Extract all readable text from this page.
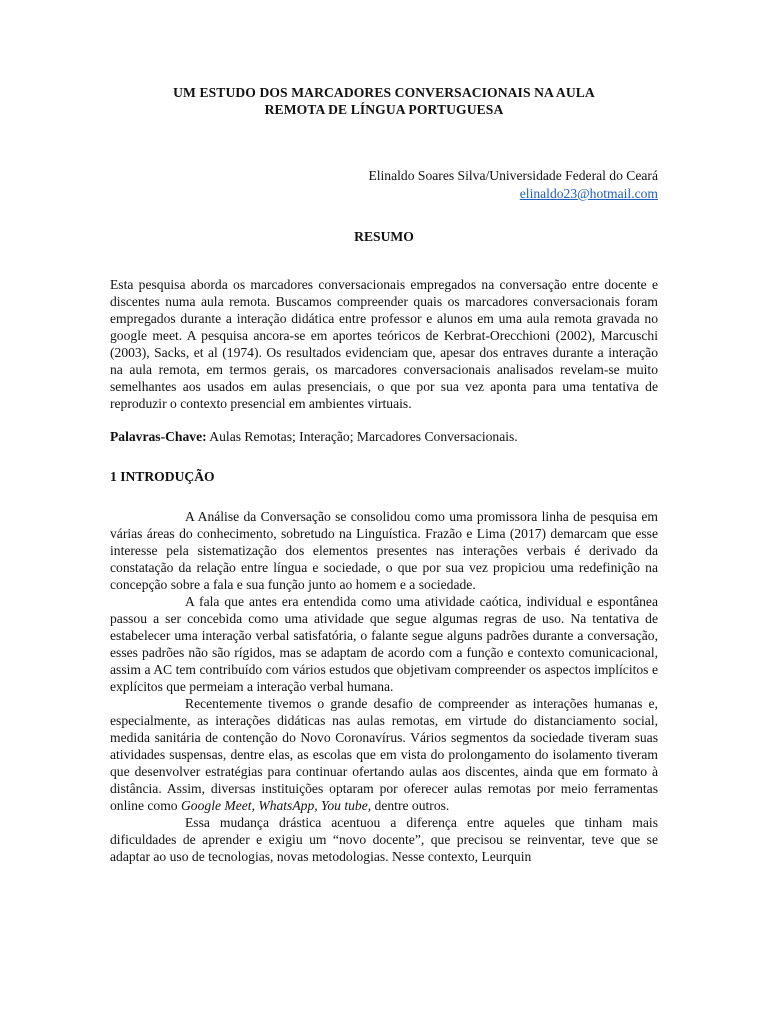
UM ESTUDO DOS MARCADORES CONVERSACIONAIS NA AULA
REMOTA DE LÍNGUA PORTUGUESA
Elinaldo Soares Silva/Universidade Federal do Ceará
elinaldo23@hotmail.com
RESUMO
Esta pesquisa aborda os marcadores conversacionais empregados na conversação entre docente e discentes numa aula remota. Buscamos compreender quais os marcadores conversacionais foram empregados durante a interação didática entre professor e alunos em uma aula remota gravada no google meet. A pesquisa ancora-se em aportes teóricos de Kerbrat-Orecchioni (2002), Marcuschi (2003), Sacks, et al (1974). Os resultados evidenciam que, apesar dos entraves durante a interação na aula remota, em termos gerais, os marcadores conversacionais analisados revelam-se muito semelhantes aos usados em aulas presenciais, o que por sua vez aponta para uma tentativa de reproduzir o contexto presencial em ambientes virtuais.
Palavras-Chave: Aulas Remotas; Interação; Marcadores Conversacionais.
1 INTRODUÇÃO

A Análise da Conversação se consolidou como uma promissora linha de pesquisa em várias áreas do conhecimento, sobretudo na Linguística. Frazão e Lima (2017) demarcam que esse interesse pela sistematização dos elementos presentes nas interações verbais é derivado da constatação da relação entre língua e sociedade, o que por sua vez propiciou uma redefinição na concepção sobre a fala e sua função junto ao homem e a sociedade.

A fala que antes era entendida como uma atividade caótica, individual e espontânea passou a ser concebida como uma atividade que segue algumas regras de uso. Na tentativa de estabelecer uma interação verbal satisfatória, o falante segue alguns padrões durante a conversação, esses padrões não são rígidos, mas se adaptam de acordo com a função e contexto comunicacional, assim a AC tem contribuído com vários estudos que objetivam compreender os aspectos implícitos e explícitos que permeiam a interação verbal humana.

Recentemente tivemos o grande desafio de compreender as interações humanas e, especialmente, as interações didáticas nas aulas remotas, em virtude do distanciamento social, medida sanitária de contenção do Novo Coronavírus. Vários segmentos da sociedade tiveram suas atividades suspensas, dentre elas, as escolas que em vista do prolongamento do isolamento tiveram que desenvolver estratégias para continuar ofertando aulas aos discentes, ainda que em formato à distância. Assim, diversas instituições optaram por oferecer aulas remotas por meio ferramentas online como Google Meet, WhatsApp, You tube, dentre outros.

Essa mudança drástica acentuou a diferença entre aqueles que tinham mais dificuldades de aprender e exigiu um “novo docente”, que precisou se reinventar, teve que se adaptar ao uso de tecnologias, novas metodologias. Nesse contexto, Leurquin
